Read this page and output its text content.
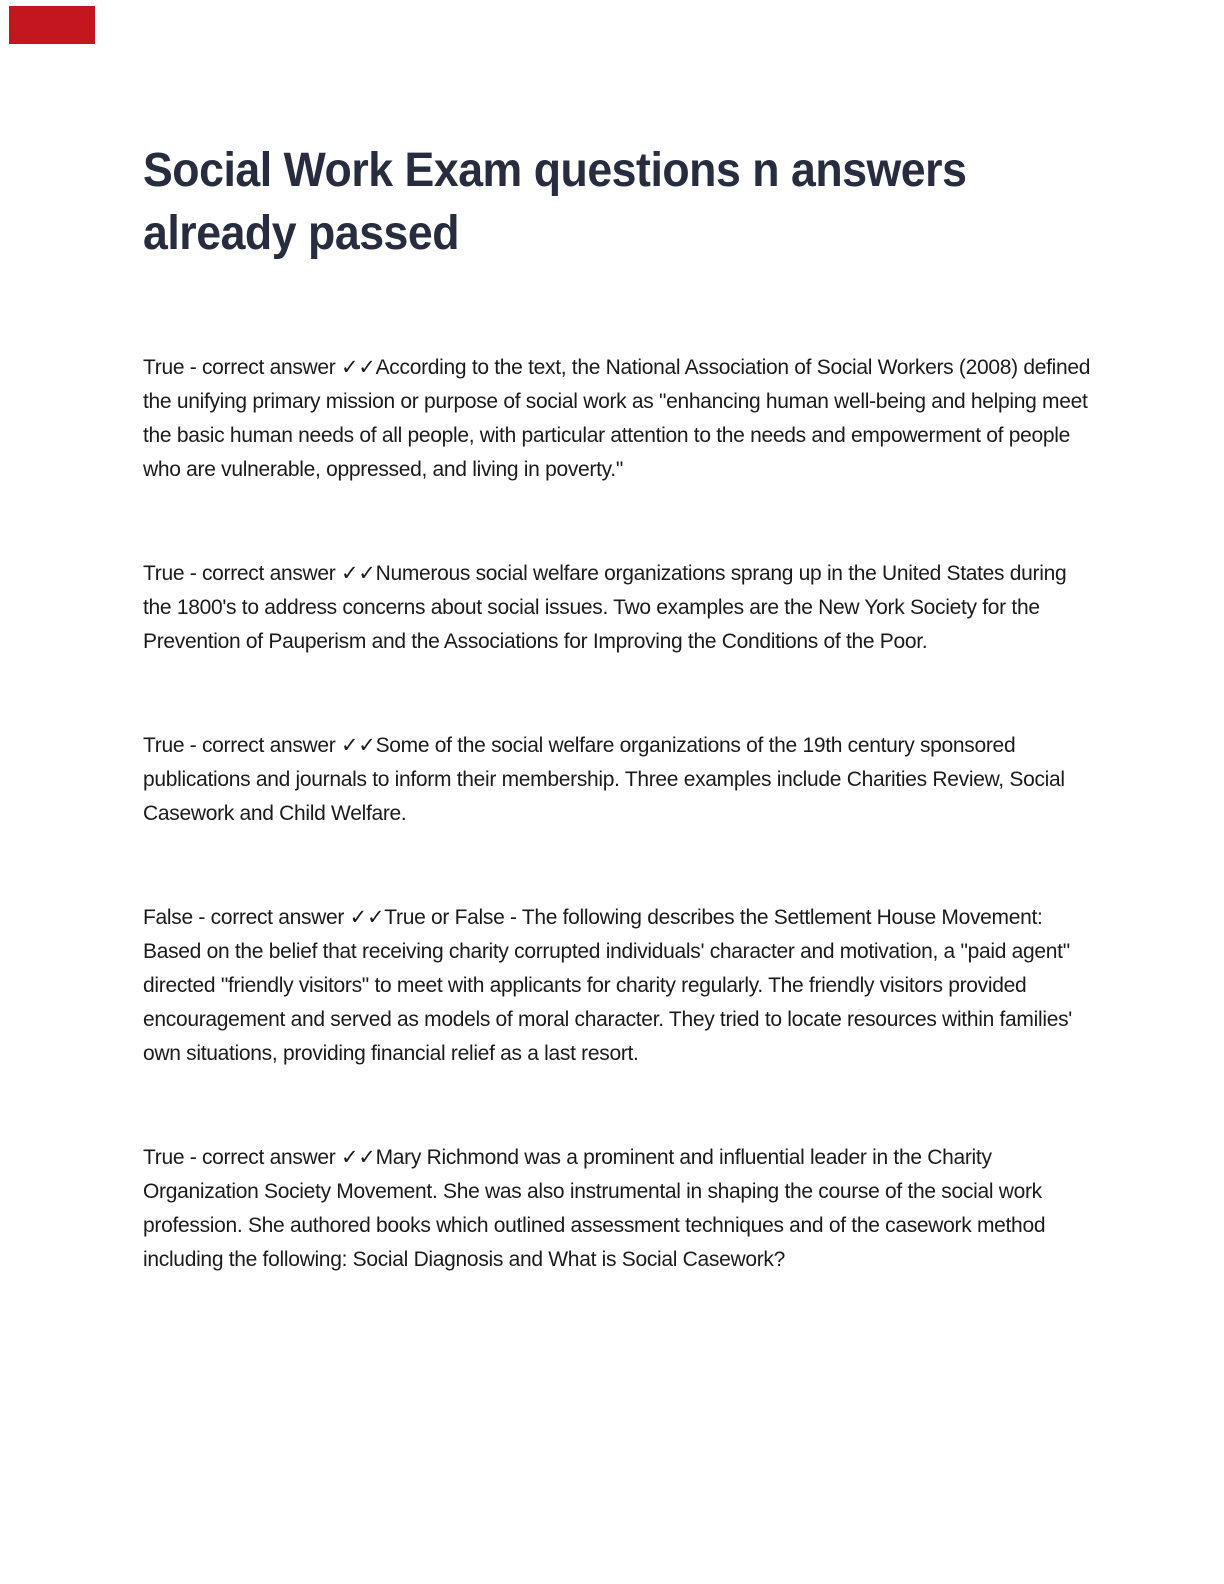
Social Work Exam questions n answers
already passed

True - correct answer ✓✓According to the text, the National Association of Social Workers (2008) defined the unifying primary mission or purpose of social work as "enhancing human well-being and helping meet the basic human needs of all people, with particular attention to the needs and empowerment of people who are vulnerable, oppressed, and living in poverty."

True - correct answer ✓✓Numerous social welfare organizations sprang up in the United States during the 1800's to address concerns about social issues. Two examples are the New York Society for the Prevention of Pauperism and the Associations for Improving the Conditions of the Poor.

True - correct answer ✓✓Some of the social welfare organizations of the 19th century sponsored publications and journals to inform their membership. Three examples include Charities Review, Social Casework and Child Welfare.

False - correct answer ✓✓True or False - The following describes the Settlement House Movement: Based on the belief that receiving charity corrupted individuals' character and motivation, a "paid agent" directed "friendly visitors" to meet with applicants for charity regularly. The friendly visitors provided encouragement and served as models of moral character. They tried to locate resources within families' own situations, providing financial relief as a last resort.

True - correct answer ✓✓Mary Richmond was a prominent and influential leader in the Charity Organization Society Movement. She was also instrumental in shaping the course of the social work profession. She authored books which outlined assessment techniques and of the casework method including the following: Social Diagnosis and What is Social Casework?
